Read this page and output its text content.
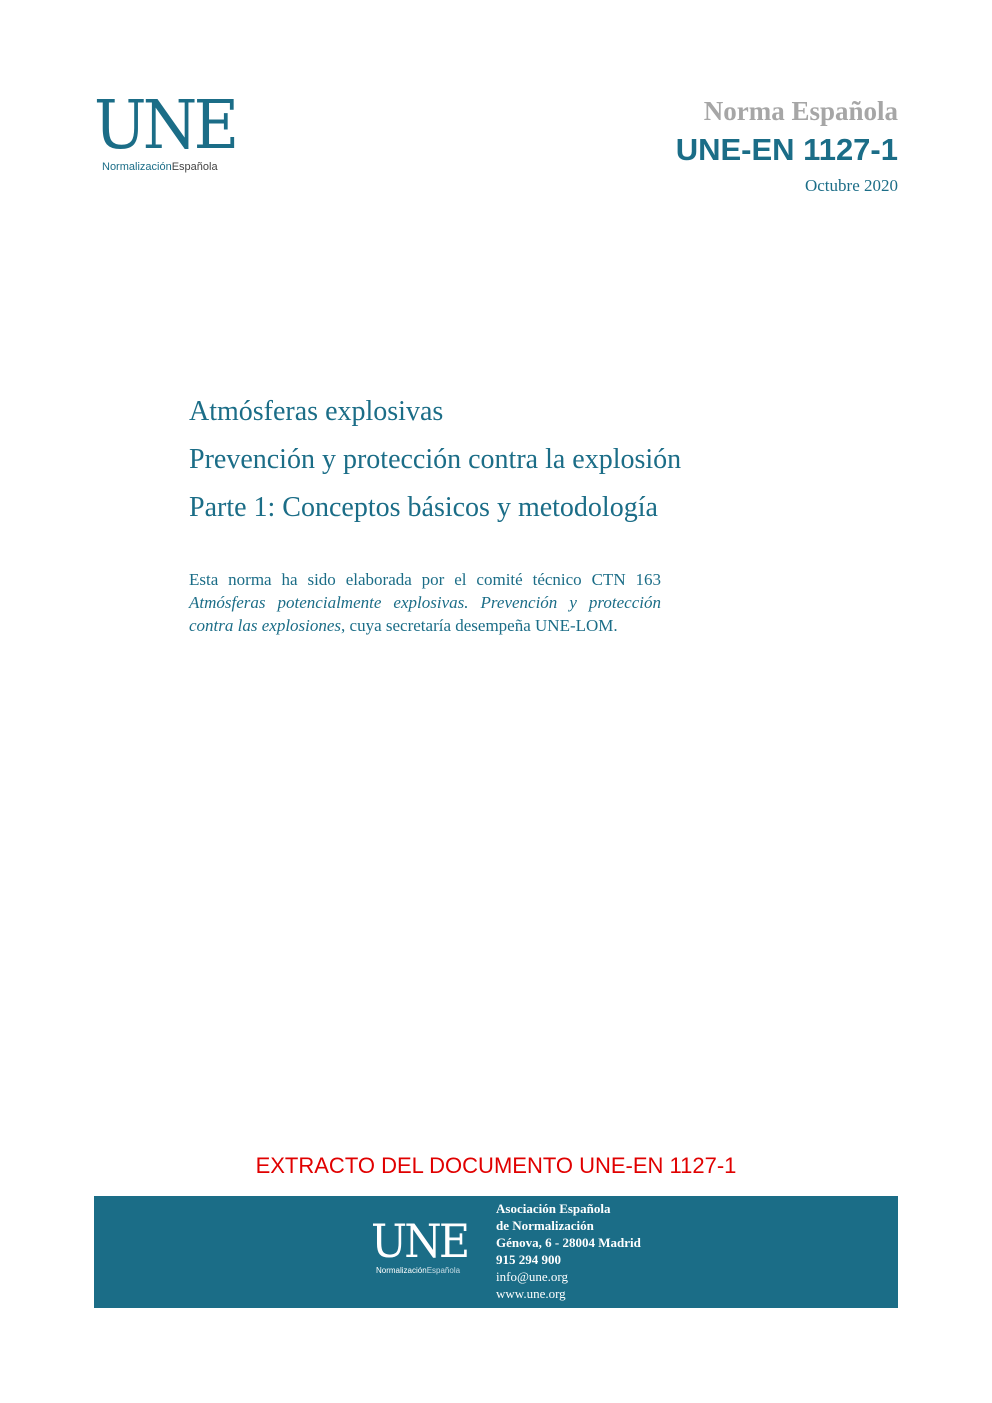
UNE
NormalizaciónEspañola
Norma Española
UNE-EN 1127-1
Octubre 2020
Atmósferas explosivas
Prevención y protección contra la explosión
Parte 1: Conceptos básicos y metodología
Esta norma ha sido elaborada por el comité técnico CTN 163 Atmósferas potencialmente explosivas. Prevención y protección contra las explosiones, cuya secretaría desempeña UNE-LOM.
EXTRACTO DEL DOCUMENTO UNE-EN 1127-1
UNE
NormalizaciónEspañola
Asociación Española
de Normalización
Génova, 6 - 28004 Madrid
915 294 900
info@une.org
www.une.org
